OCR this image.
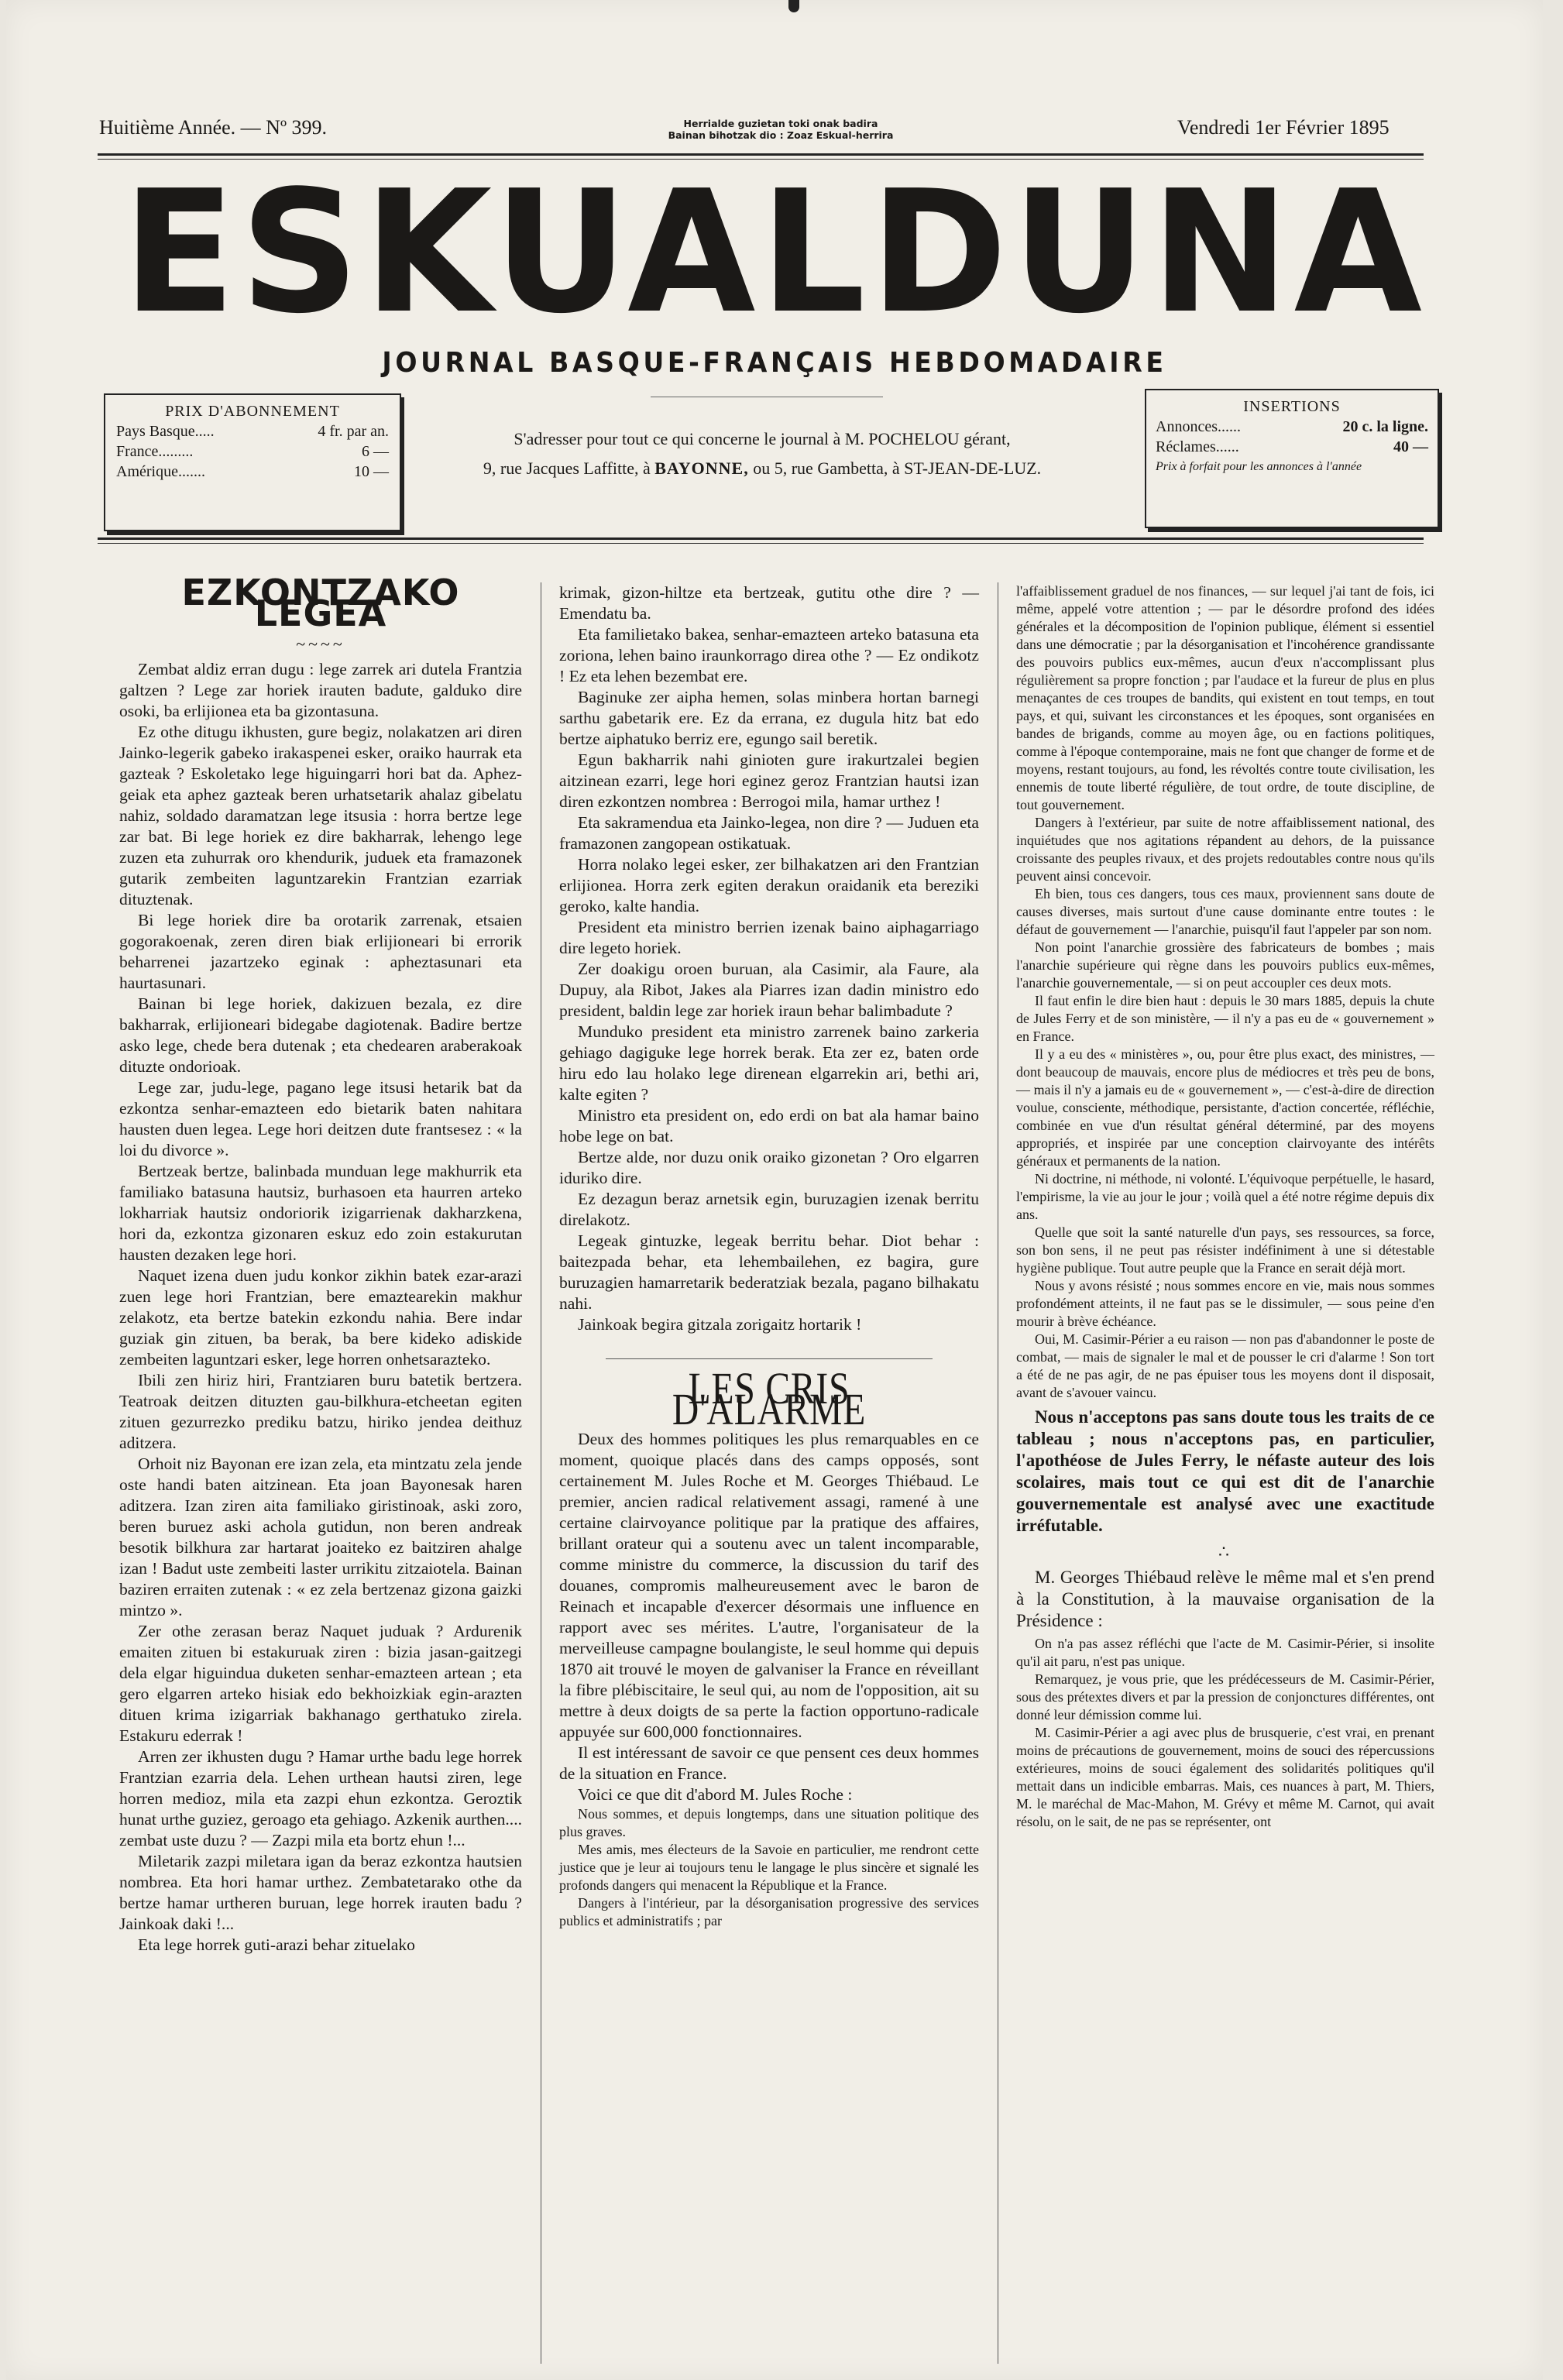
Huitième Année. — Nº 399.	Herrialde guzietan toki onak badira
Bainan bihotzak dio : Zoaz Eskual-herrira	Vendredi 1er Février 1895
ESKUALDUNA
JOURNAL BASQUE-FRANÇAIS HEBDOMADAIRE
PRIX D'ABONNEMENT
Pays Basque.....	4 fr. par an.
France.........	6 —
Amérique.......	10 —
S'adresser pour tout ce qui concerne le journal à M. POCHELOU gérant,
9, rue Jacques Laffitte, à BAYONNE, ou 5, rue Gambetta, à ST-JEAN-DE-LUZ.
INSERTIONS
Annonces......	20 c. la ligne.
Réclames......	40 —
Prix à forfait pour les annonces à l'année
EZKONTZAKO LEGEA
~~~~

Zembat aldiz erran dugu : lege zarrek ari dutela Frantzia galtzen ? Lege zar horiek irauten badute, galduko dire osoki, ba erlijionea eta ba gizontasuna.

Ez othe ditugu ikhusten, gure begiz, nolakatzen ari diren Jainko-legerik gabeko irakaspenei esker, oraiko haurrak eta gazteak ? Eskoletako lege higuingarri hori bat da. Aphez-geiak eta aphez gazteak beren urhatsetarik ahalaz gibelatu nahiz, soldado daramatzan lege itsusia : horra bertze lege zar bat. Bi lege horiek ez dire bakharrak, lehengo lege zuzen eta zuhurrak oro khendurik, juduek eta framazonek gutarik zembeiten laguntzarekin Frantzian ezarriak dituztenak.

Bi lege horiek dire ba orotarik zarrenak, etsaien gogorakoenak, zeren diren biak erlijioneari bi errorik beharrenei jazartzeko eginak : apheztasunari eta haurtasunari.

Bainan bi lege horiek, dakizuen bezala, ez dire bakharrak, erlijioneari bidegabe dagiotenak. Badire bertze asko lege, chede bera dutenak ; eta chedearen araberakoak dituzte ondorioak.

Lege zar, judu-lege, pagano lege itsusi hetarik bat da ezkontza senhar-emazteen edo bietarik baten nahitara hausten duen legea. Lege hori deitzen dute frantsesez : « la loi du divorce ».

Bertzeak bertze, balinbada munduan lege makhurrik eta familiako batasuna hautsiz, burhasoen eta haurren arteko lokharriak hautsiz ondoriorik izigarrienak dakharzkena, hori da, ezkontza gizonaren eskuz edo zoin estakurutan hausten dezaken lege hori.

Naquet izena duen judu konkor zikhin batek ezar-arazi zuen lege hori Frantzian, bere emaztearekin makhur zelakotz, eta bertze batekin ezkondu nahia. Bere indar guziak gin zituen, ba berak, ba bere kideko adiskide zembeiten laguntzari esker, lege horren onhetsarazteko.

Ibili zen hiriz hiri, Frantziaren buru batetik bertzera. Teatroak deitzen dituzten gau-bilkhura-etcheetan egiten zituen gezurrezko prediku batzu, hiriko jendea deithuz aditzera.

Orhoit niz Bayonan ere izan zela, eta mintzatu zela jende oste handi baten aitzinean. Eta joan Bayonesak haren aditzera. Izan ziren aita familiako giristinoak, aski zoro, beren buruez aski achola gutidun, non beren andreak besotik bilkhura zar hartarat joaiteko ez baitziren ahalge izan ! Badut uste zembeiti laster urrikitu zitzaiotela. Bainan baziren erraiten zutenak : « ez zela bertzenaz gizona gaizki mintzo ».

Zer othe zerasan beraz Naquet juduak ? Ardurenik emaiten zituen bi estakuruak ziren : bizia jasan-gaitzegi dela elgar higuindua duketen senhar-emazteen artean ; eta gero elgarren arteko hisiak edo bekhoizkiak egin-arazten dituen krima izigarriak bakhanago gerthatuko zirela. Estakuru ederrak !

Arren zer ikhusten dugu ? Hamar urthe badu lege horrek Frantzian ezarria dela. Lehen urthean hautsi ziren, lege horren medioz, mila eta zazpi ehun ezkontza. Geroztik hunat urthe guziez, geroago eta gehiago. Azkenik aurthen.... zembat uste duzu ? — Zazpi mila eta bortz ehun !...

Miletarik zazpi miletara igan da beraz ezkontza hautsien nombrea. Eta hori hamar urthez. Zembatetarako othe da bertze hamar urtheren buruan, lege horrek irauten badu ? Jainkoak daki !...

Eta lege horrek guti-arazi behar zituelako

krimak, gizon-hiltze eta bertzeak, gutitu othe dire ? — Emendatu ba.

Eta familietako bakea, senhar-emazteen arteko batasuna eta zoriona, lehen baino iraunkorrago direa othe ? — Ez ondikotz ! Ez eta lehen bezembat ere.

Baginuke zer aipha hemen, solas minbera hortan barnegi sarthu gabetarik ere. Ez da errana, ez dugula hitz bat edo bertze aiphatuko berriz ere, egungo sail beretik.

Egun bakharrik nahi ginioten gure irakurtzalei begien aitzinean ezarri, lege hori eginez geroz Frantzian hautsi izan diren ezkontzen nombrea : Berrogoi mila, hamar urthez !

Eta sakramendua eta Jainko-legea, non dire ? — Juduen eta framazonen zangopean ostikatuak.

Horra nolako legei esker, zer bilhakatzen ari den Frantzian erlijionea. Horra zerk egiten derakun oraidanik eta bereziki geroko, kalte handia.

President eta ministro berrien izenak baino aiphagarriago dire legeto horiek.

Zer doakigu oroen buruan, ala Casimir, ala Faure, ala Dupuy, ala Ribot, Jakes ala Piarres izan dadin ministro edo president, baldin lege zar horiek iraun behar balimbadute ?

Munduko president eta ministro zarrenek baino zarkeria gehiago dagiguke lege horrek berak. Eta zer ez, baten orde hiru edo lau holako lege direnean elgarrekin ari, bethi ari, kalte egiten ?

Ministro eta president on, edo erdi on bat ala hamar baino hobe lege on bat.

Bertze alde, nor duzu onik oraiko gizonetan ? Oro elgarren iduriko dire.

Ez dezagun beraz arnetsik egin, buruzagien izenak berritu direlakotz.

Legeak gintuzke, legeak berritu behar. Diot behar : baitezpada behar, eta lehembailehen, ez bagira, gure buruzagien hamarretarik bederatziak bezala, pagano bilhakatu nahi.

Jainkoak begira gitzala zorigaitz hortarik !

LES CRIS D'ALARME

Deux des hommes politiques les plus remarquables en ce moment, quoique placés dans des camps opposés, sont certainement M. Jules Roche et M. Georges Thiébaud. Le premier, ancien radical relativement assagi, ramené à une certaine clairvoyance politique par la pratique des affaires, brillant orateur qui a soutenu avec un talent incomparable, comme ministre du commerce, la discussion du tarif des douanes, compromis malheureusement avec le baron de Reinach et incapable d'exercer désormais une influence en rapport avec ses mérites. L'autre, l'organisateur de la merveilleuse campagne boulangiste, le seul homme qui depuis 1870 ait trouvé le moyen de galvaniser la France en réveillant la fibre plébiscitaire, le seul qui, au nom de l'opposition, ait su mettre à deux doigts de sa perte la faction opportuno-radicale appuyée sur 600,000 fonctionnaires.

Il est intéressant de savoir ce que pensent ces deux hommes de la situation en France.

Voici ce que dit d'abord M. Jules Roche :

Nous sommes, et depuis longtemps, dans une situation politique des plus graves.

Mes amis, mes électeurs de la Savoie en particulier, me rendront cette justice que je leur ai toujours tenu le langage le plus sincère et signalé les profonds dangers qui menacent la République et la France.

Dangers à l'intérieur, par la désorganisation progressive des services publics et administratifs ; par

l'affaiblissement graduel de nos finances, — sur lequel j'ai tant de fois, ici même, appelé votre attention ; — par le désordre profond des idées générales et la décomposition de l'opinion publique, élément si essentiel dans une démocratie ; par la désorganisation et l'incohérence grandissante des pouvoirs publics eux-mêmes, aucun d'eux n'accomplissant plus régulièrement sa propre fonction ; par l'audace et la fureur de plus en plus menaçantes de ces troupes de bandits, qui existent en tout temps, en tout pays, et qui, suivant les circonstances et les époques, sont organisées en bandes de brigands, comme au moyen âge, ou en factions politiques, comme à l'époque contemporaine, mais ne font que changer de forme et de moyens, restant toujours, au fond, les révoltés contre toute civilisation, les ennemis de toute liberté régulière, de tout ordre, de toute discipline, de tout gouvernement.

Dangers à l'extérieur, par suite de notre affaiblissement national, des inquiétudes que nos agitations répandent au dehors, de la puissance croissante des peuples rivaux, et des projets redoutables contre nous qu'ils peuvent ainsi concevoir.

Eh bien, tous ces dangers, tous ces maux, proviennent sans doute de causes diverses, mais surtout d'une cause dominante entre toutes : le défaut de gouvernement — l'anarchie, puisqu'il faut l'appeler par son nom.

Non point l'anarchie grossière des fabricateurs de bombes ; mais l'anarchie supérieure qui règne dans les pouvoirs publics eux-mêmes, l'anarchie gouvernementale, — si on peut accoupler ces deux mots.

Il faut enfin le dire bien haut : depuis le 30 mars 1885, depuis la chute de Jules Ferry et de son ministère, — il n'y a pas eu de « gouvernement » en France.

Il y a eu des « ministères », ou, pour être plus exact, des ministres, — dont beaucoup de mauvais, encore plus de médiocres et très peu de bons, — mais il n'y a jamais eu de « gouvernement », — c'est-à-dire de direction voulue, consciente, méthodique, persistante, d'action concertée, réfléchie, combinée en vue d'un résultat général déterminé, par des moyens appropriés, et inspirée par une conception clairvoyante des intérêts généraux et permanents de la nation.

Ni doctrine, ni méthode, ni volonté. L'équivoque perpétuelle, le hasard, l'empirisme, la vie au jour le jour ; voilà quel a été notre régime depuis dix ans.

Quelle que soit la santé naturelle d'un pays, ses ressources, sa force, son bon sens, il ne peut pas résister indéfiniment à une si détestable hygiène publique. Tout autre peuple que la France en serait déjà mort.

Nous y avons résisté ; nous sommes encore en vie, mais nous sommes profondément atteints, il ne faut pas se le dissimuler, — sous peine d'en mourir à brève échéance.

Oui, M. Casimir-Périer a eu raison — non pas d'abandonner le poste de combat, — mais de signaler le mal et de pousser le cri d'alarme ! Son tort a été de ne pas agir, de ne pas épuiser tous les moyens dont il disposait, avant de s'avouer vaincu.

Nous n'acceptons pas sans doute tous les traits de ce tableau ; nous n'acceptons pas, en particulier, l'apothéose de Jules Ferry, le néfaste auteur des lois scolaires, mais tout ce qui est dit de l'anarchie gouvernementale est analysé avec une exactitude irréfutable.

∴

M. Georges Thiébaud relève le même mal et s'en prend à la Constitution, à la mauvaise organisation de la Présidence :

On n'a pas assez réfléchi que l'acte de M. Casimir-Périer, si insolite qu'il ait paru, n'est pas unique.

Remarquez, je vous prie, que les prédécesseurs de M. Casimir-Périer, sous des prétextes divers et par la pression de conjonctures différentes, ont donné leur démission comme lui.

M. Casimir-Périer a agi avec plus de brusquerie, c'est vrai, en prenant moins de précautions de gouvernement, moins de souci des répercussions extérieures, moins de souci également des solidarités politiques qu'il mettait dans un indicible embarras. Mais, ces nuances à part, M. Thiers, M. le maréchal de Mac-Mahon, M. Grévy et même M. Carnot, qui avait résolu, on le sait, de ne pas se représenter, ont
